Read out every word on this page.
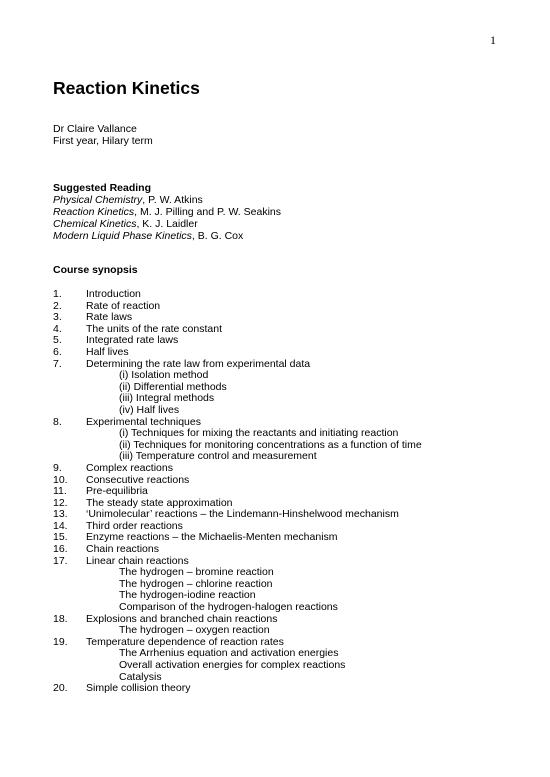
1
Reaction Kinetics
Dr Claire Vallance
First year, Hilary term
Suggested Reading
Physical Chemistry, P. W. Atkins
Reaction Kinetics, M. J. Pilling and P. W. Seakins
Chemical Kinetics, K. J. Laidler
Modern Liquid Phase Kinetics, B. G. Cox
Course synopsis
1. Introduction
2. Rate of reaction
3. Rate laws
4. The units of the rate constant
5. Integrated rate laws
6. Half lives
7. Determining the rate law from experimental data
(i) Isolation method
(ii) Differential methods
(iii) Integral methods
(iv) Half lives
8. Experimental techniques
(i) Techniques for mixing the reactants and initiating reaction
(ii) Techniques for monitoring concentrations as a function of time
(iii) Temperature control and measurement
9. Complex reactions
10. Consecutive reactions
11. Pre-equilibria
12. The steady state approximation
13. ‘Unimolecular’ reactions – the Lindemann-Hinshelwood mechanism
14. Third order reactions
15. Enzyme reactions – the Michaelis-Menten mechanism
16. Chain reactions
17. Linear chain reactions
The hydrogen – bromine reaction
The hydrogen – chlorine reaction
The hydrogen-iodine reaction
Comparison of the hydrogen-halogen reactions
18. Explosions and branched chain reactions
The hydrogen – oxygen reaction
19. Temperature dependence of reaction rates
The Arrhenius equation and activation energies
Overall activation energies for complex reactions
Catalysis
20. Simple collision theory
